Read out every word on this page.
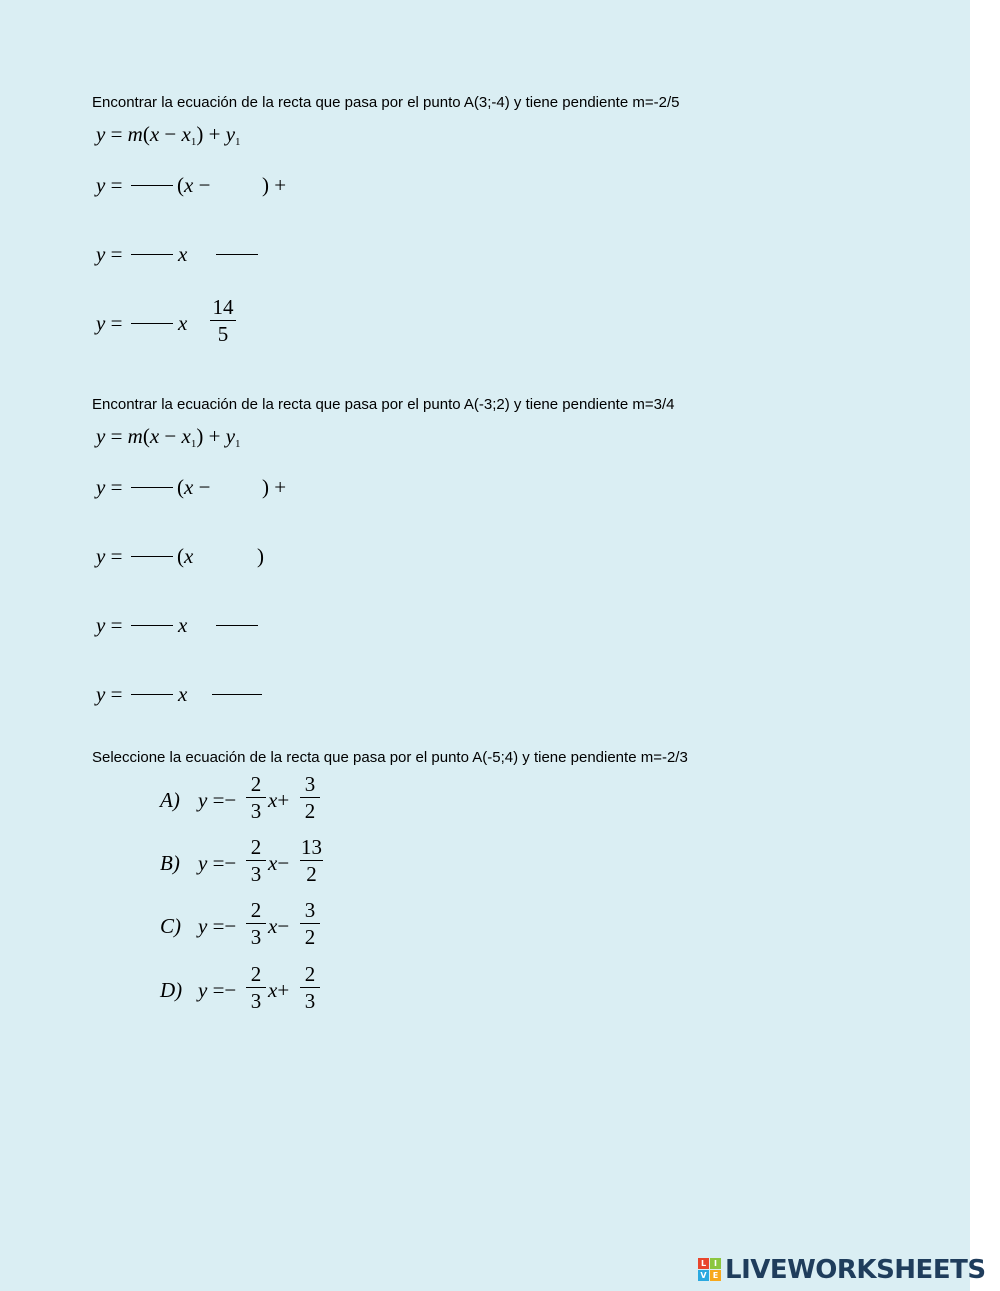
Encontrar la ecuación de la recta que pasa por el punto A(3;-4) y tiene pendiente m=-2/5
y = m(x − x1) + y1
y =	(x − ) +
y =	x
y =	x
14
5
Encontrar la ecuación de la recta que pasa por el punto A(-3;2) y tiene pendiente m=3/4
y = m(x − x1) + y1
y =	(x − ) +
y =	(x	)
y =	x
y =	x
Seleccione la ecuación de la recta que pasa por el punto A(-5;4) y tiene pendiente m=-2/3
A) y =−
2
3 x+
3
2
B) y =−
2
3 x−
13
2
C) y =−
2
3 x−
3
2
D) y =−
2
3 x+
2
3
L I
V E LIVEWORKSHEETS
